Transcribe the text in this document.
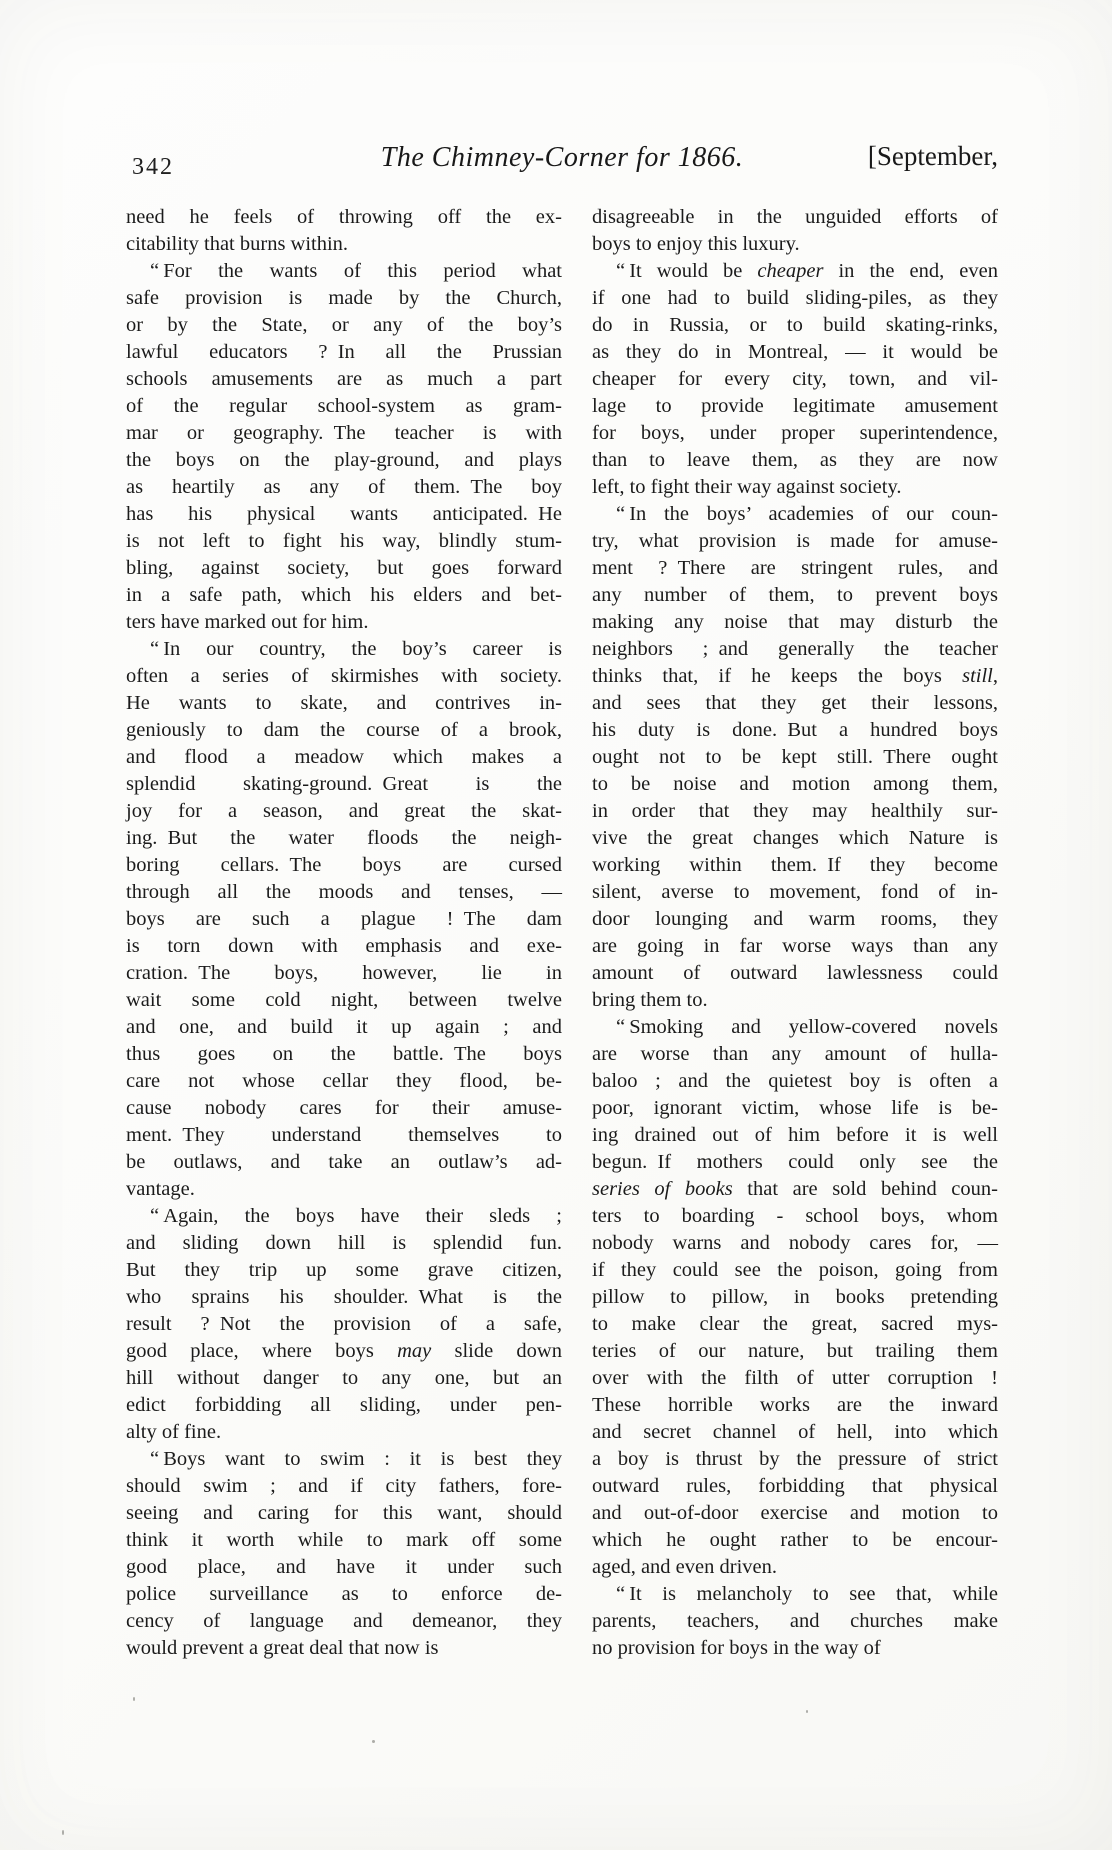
342	The Chimney-Corner for 1866.	[September,
need he feels of throwing off the ex-
citability that burns within.
“ For the wants of this period what
safe provision is made by the Church,
or by the State, or any of the boy’s
lawful educators ? In all the Prussian
schools amusements are as much a part
of the regular school-system as gram-
mar or geography. The teacher is with
the boys on the play-ground, and plays
as heartily as any of them. The boy
has his physical wants anticipated. He
is not left to fight his way, blindly stum-
bling, against society, but goes forward
in a safe path, which his elders and bet-
ters have marked out for him.
“ In our country, the boy’s career is
often a series of skirmishes with society.
He wants to skate, and contrives in-
geniously to dam the course of a brook,
and flood a meadow which makes a
splendid skating-ground. Great is the
joy for a season, and great the skat-
ing. But the water floods the neigh-
boring cellars. The boys are cursed
through all the moods and tenses, —
boys are such a plague ! The dam
is torn down with emphasis and exe-
cration. The boys, however, lie in
wait some cold night, between twelve
and one, and build it up again ; and
thus goes on the battle. The boys
care not whose cellar they flood, be-
cause nobody cares for their amuse-
ment. They understand themselves to
be outlaws, and take an outlaw’s ad-
vantage.
“ Again, the boys have their sleds ;
and sliding down hill is splendid fun.
But they trip up some grave citizen,
who sprains his shoulder. What is the
result ? Not the provision of a safe,
good place, where boys may slide down
hill without danger to any one, but an
edict forbidding all sliding, under pen-
alty of fine.
“ Boys want to swim : it is best they
should swim ; and if city fathers, fore-
seeing and caring for this want, should
think it worth while to mark off some
good place, and have it under such
police surveillance as to enforce de-
cency of language and demeanor, they
would prevent a great deal that now is
disagreeable in the unguided efforts of
boys to enjoy this luxury.
“ It would be cheaper in the end, even
if one had to build sliding-piles, as they
do in Russia, or to build skating-rinks,
as they do in Montreal, — it would be
cheaper for every city, town, and vil-
lage to provide legitimate amusement
for boys, under proper superintendence,
than to leave them, as they are now
left, to fight their way against society.
“ In the boys’ academies of our coun-
try, what provision is made for amuse-
ment ? There are stringent rules, and
any number of them, to prevent boys
making any noise that may disturb the
neighbors ; and generally the teacher
thinks that, if he keeps the boys still,
and sees that they get their lessons,
his duty is done. But a hundred boys
ought not to be kept still. There ought
to be noise and motion among them,
in order that they may healthily sur-
vive the great changes which Nature is
working within them. If they become
silent, averse to movement, fond of in-
door lounging and warm rooms, they
are going in far worse ways than any
amount of outward lawlessness could
bring them to.
“ Smoking and yellow-covered novels
are worse than any amount of hulla-
baloo ; and the quietest boy is often a
poor, ignorant victim, whose life is be-
ing drained out of him before it is well
begun. If mothers could only see the
series of books that are sold behind coun-
ters to boarding - school boys, whom
nobody warns and nobody cares for, —
if they could see the poison, going from
pillow to pillow, in books pretending
to make clear the great, sacred mys-
teries of our nature, but trailing them
over with the filth of utter corruption !
These horrible works are the inward
and secret channel of hell, into which
a boy is thrust by the pressure of strict
outward rules, forbidding that physical
and out-of-door exercise and motion to
which he ought rather to be encour-
aged, and even driven.
“ It is melancholy to see that, while
parents, teachers, and churches make
no provision for boys in the way of
